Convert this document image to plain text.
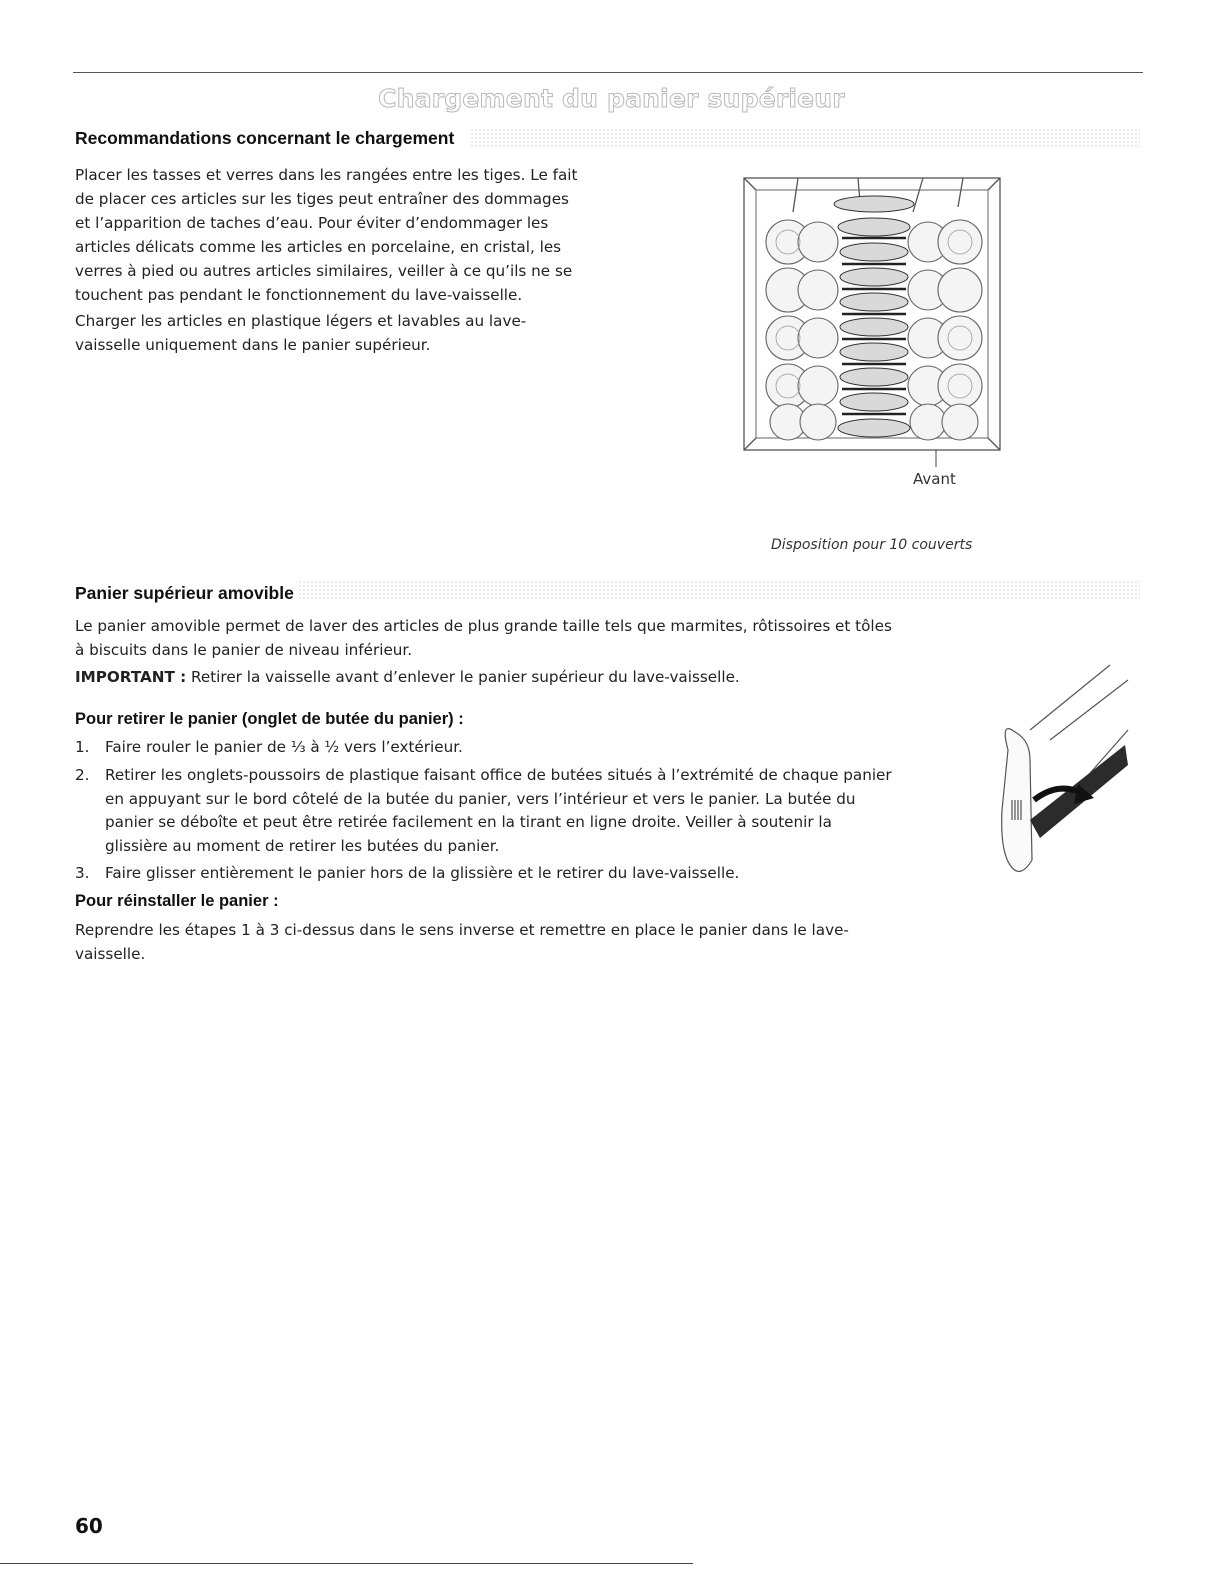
Chargement du panier supérieur
Recommandations concernant le chargement
Placer les tasses et verres dans les rangées entre les tiges. Le fait
de placer ces articles sur les tiges peut entraîner des dommages
et l’apparition de taches d’eau. Pour éviter d’endommager les
articles délicats comme les articles en porcelaine, en cristal, les
verres à pied ou autres articles similaires, veiller à ce qu’ils ne se
touchent pas pendant le fonctionnement du lave-vaisselle.
Charger les articles en plastique légers et lavables au lave-
vaisselle uniquement dans le panier supérieur.
Avant
Disposition pour 10 couverts
Panier supérieur amovible
Le panier amovible permet de laver des articles de plus grande taille tels que marmites, rôtissoires et tôles
à biscuits dans le panier de niveau inférieur.
IMPORTANT : Retirer la vaisselle avant d’enlever le panier supérieur du lave-vaisselle.
Pour retirer le panier (onglet de butée du panier) :
1. Faire rouler le panier de ⅓ à ½ vers l’extérieur.
2. Retirer les onglets-poussoirs de plastique faisant office de butées situés à l’extrémité de chaque panier
en appuyant sur le bord côtelé de la butée du panier, vers l’intérieur et vers le panier. La butée du
panier se déboîte et peut être retirée facilement en la tirant en ligne droite. Veiller à soutenir la
glissière au moment de retirer les butées du panier.
3. Faire glisser entièrement le panier hors de la glissière et le retirer du lave-vaisselle.
Pour réinstaller le panier :
Reprendre les étapes 1 à 3 ci-dessus dans le sens inverse et remettre en place le panier dans le lave-
vaisselle.
60
